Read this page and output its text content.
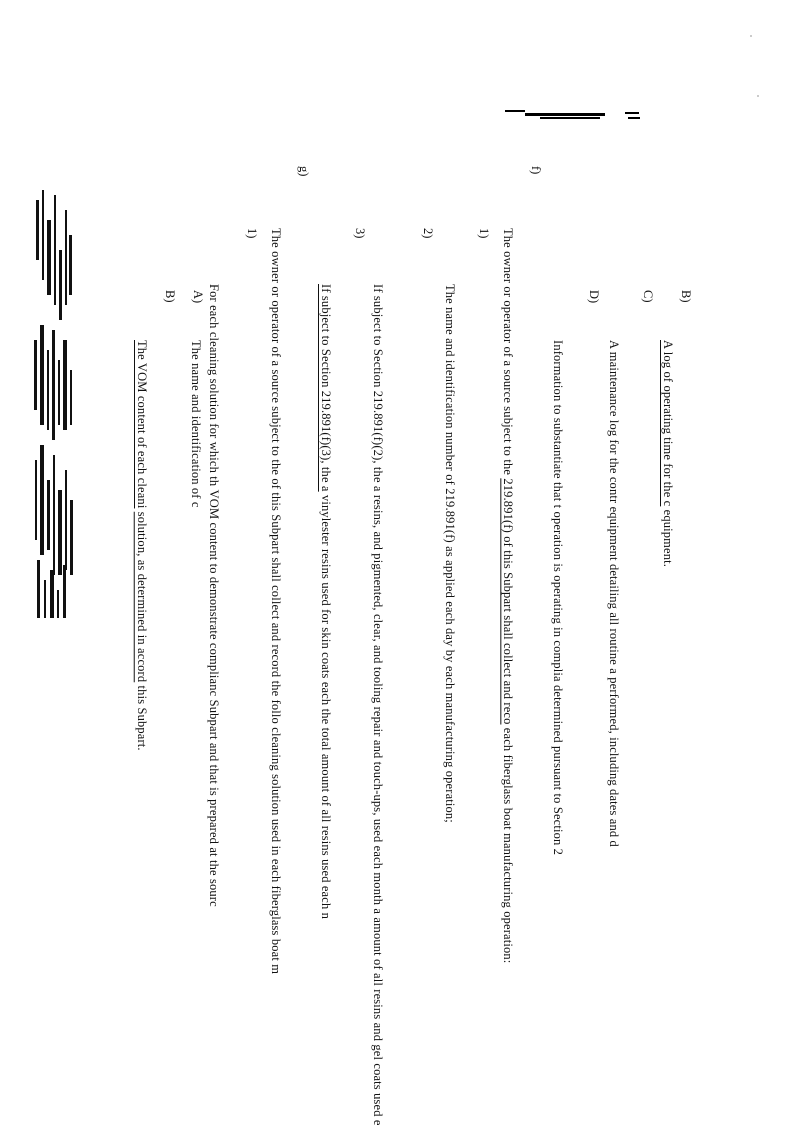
B)
A log of operating time for the c equipment.
C)
A maintenance log for the contr equipment detailing all routine a performed, including dates and d
D)
Information to substantiate that t operation is operating in complia determined pursuant to Section 2
f)
The owner or operator of a source subject to the 219.891(f) of this Subpart shall collect and reco each fiberglass boat manufacturing operation:
1)
The name and identification number of 219.891(f) as applied each day by each manufacturing operation;
2)
If subject to Section 219.891(f)(2), the a resins, and pigmented, clear, and tooling repair and touch-ups, used each month a amount of all resins and gel coats used e
3)
If subject to Section 219.891(f)(3), the a vinylester resins used for skin coats each the total amount of all resins used each n
g)
The owner or operator of a source subject to the of this Subpart shall collect and record the follo cleaning solution used in each fiberglass boat m
1)
For each cleaning solution for which th VOM content to demonstrate complianc Subpart and that is prepared at the sourc
A)
The name and identification of c
B)
The VOM content of each cleani solution, as determined in accord this Subpart.
